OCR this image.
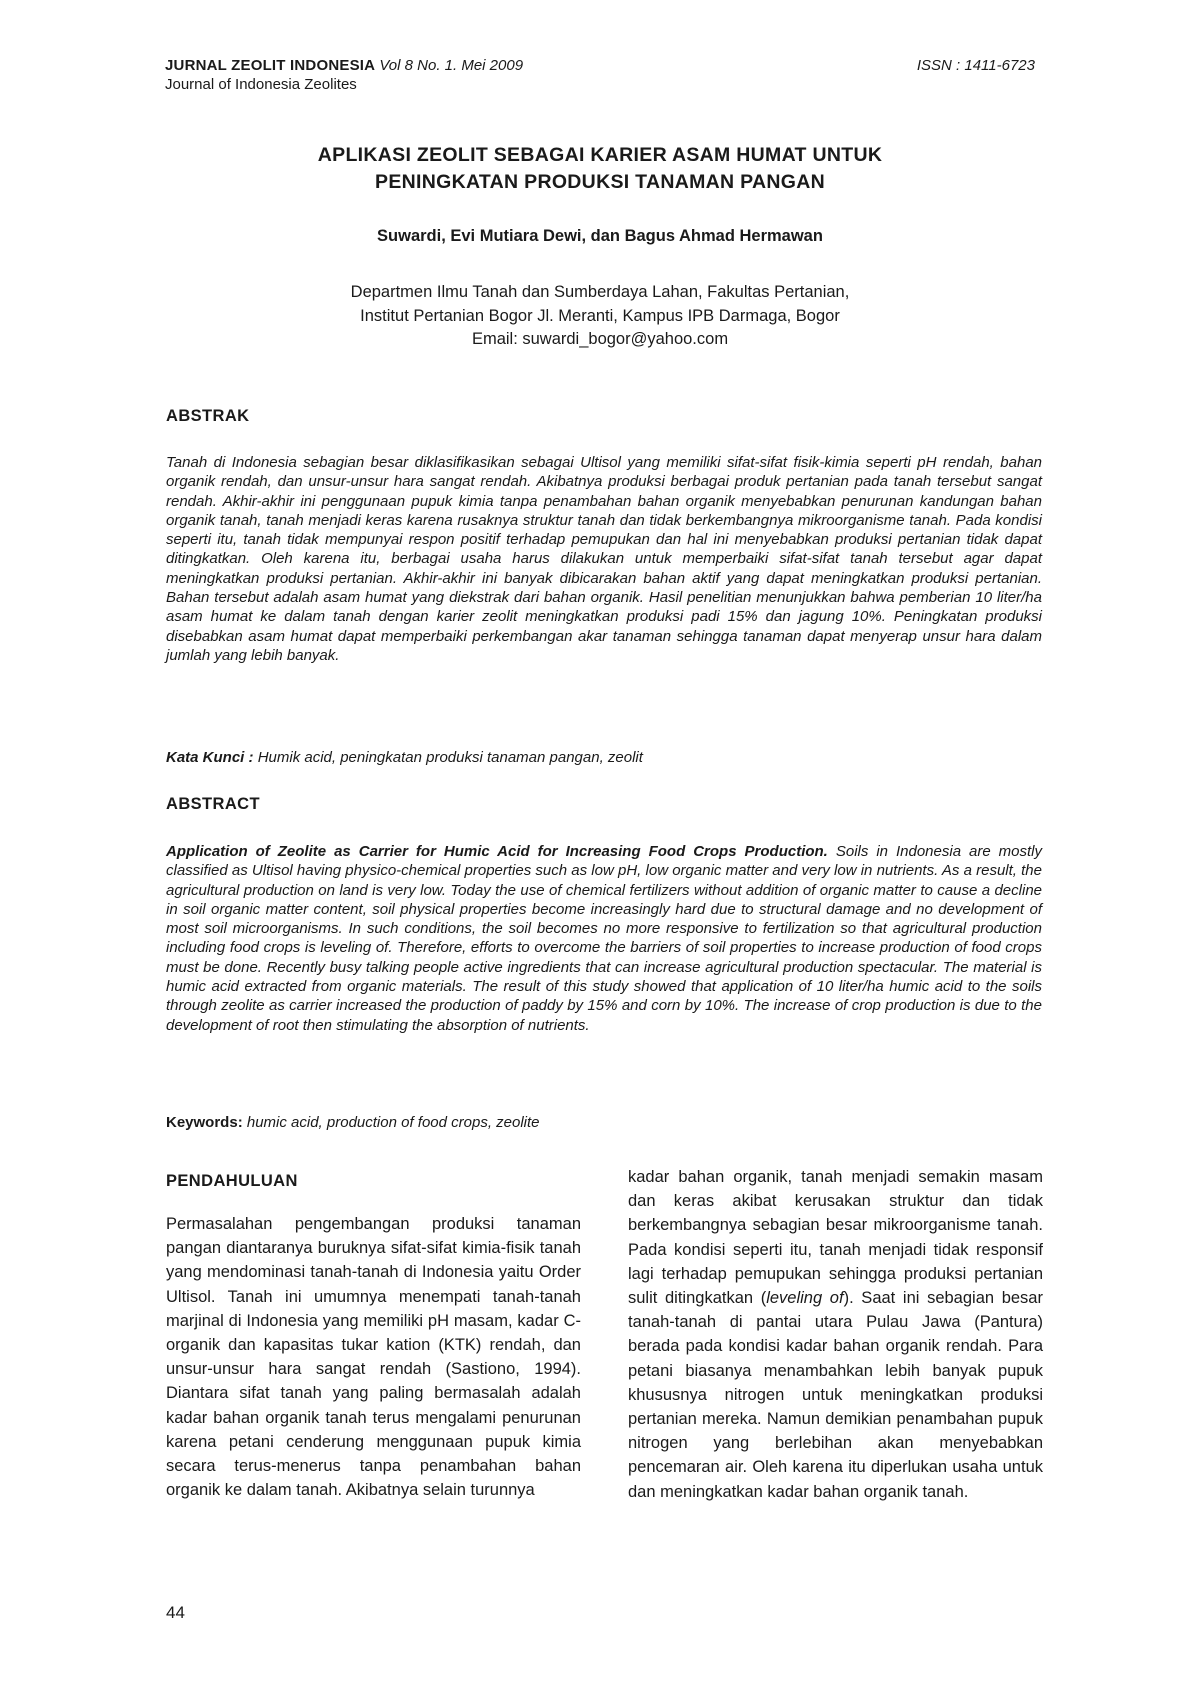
JURNAL ZEOLIT INDONESIA Vol 8 No. 1. Mei 2009	ISSN : 1411-6723
Journal of Indonesia Zeolites
APLIKASI ZEOLIT SEBAGAI KARIER ASAM HUMAT UNTUK
PENINGKATAN PRODUKSI TANAMAN PANGAN
Suwardi, Evi Mutiara Dewi, dan Bagus Ahmad Hermawan
Departmen Ilmu Tanah dan Sumberdaya Lahan, Fakultas Pertanian,
Institut Pertanian Bogor Jl. Meranti, Kampus IPB Darmaga, Bogor
Email: suwardi_bogor@yahoo.com
ABSTRAK

Tanah di Indonesia sebagian besar diklasifikasikan sebagai Ultisol yang memiliki sifat-sifat fisik-kimia seperti pH rendah, bahan organik rendah, dan unsur-unsur hara sangat rendah. Akibatnya produksi berbagai produk pertanian pada tanah tersebut sangat rendah. Akhir-akhir ini penggunaan pupuk kimia tanpa penambahan bahan organik menyebabkan penurunan kandungan bahan organik tanah, tanah menjadi keras karena rusaknya struktur tanah dan tidak berkembangnya mikroorganisme tanah. Pada kondisi seperti itu, tanah tidak mempunyai respon positif terhadap pemupukan dan hal ini menyebabkan produksi pertanian tidak dapat ditingkatkan. Oleh karena itu, berbagai usaha harus dilakukan untuk memperbaiki sifat-sifat tanah tersebut agar dapat meningkatkan produksi pertanian. Akhir-akhir ini banyak dibicarakan bahan aktif yang dapat meningkatkan produksi pertanian. Bahan tersebut adalah asam humat yang diekstrak dari bahan organik. Hasil penelitian menunjukkan bahwa pemberian 10 liter/ha asam humat ke dalam tanah dengan karier zeolit meningkatkan produksi padi 15% dan jagung 10%. Peningkatan produksi disebabkan asam humat dapat memperbaiki perkembangan akar tanaman sehingga tanaman dapat menyerap unsur hara dalam jumlah yang lebih banyak.

Kata Kunci : Humik acid, peningkatan produksi tanaman pangan, zeolit
ABSTRACT

Application of Zeolite as Carrier for Humic Acid for Increasing Food Crops Production. Soils in Indonesia are mostly classified as Ultisol having physico-chemical properties such as low pH, low organic matter and very low in nutrients. As a result, the agricultural production on land is very low. Today the use of chemical fertilizers without addition of organic matter to cause a decline in soil organic matter content, soil physical properties become increasingly hard due to structural damage and no development of most soil microorganisms. In such conditions, the soil becomes no more responsive to fertilization so that agricultural production including food crops is leveling of. Therefore, efforts to overcome the barriers of soil properties to increase production of food crops must be done. Recently busy talking people active ingredients that can increase agricultural production spectacular. The material is humic acid extracted from organic materials. The result of this study showed that application of 10 liter/ha humic acid to the soils through zeolite as carrier increased the production of paddy by 15% and corn by 10%. The increase of crop production is due to the development of root then stimulating the absorption of nutrients.

Keywords: humic acid, production of food crops, zeolite
PENDAHULUAN

Permasalahan pengembangan produksi tanaman pangan diantaranya buruknya sifat-sifat kimia-fisik tanah yang mendominasi tanah-tanah di Indonesia yaitu Order Ultisol. Tanah ini umumnya menempati tanah-tanah marjinal di Indonesia yang memiliki pH masam, kadar C-organik dan kapasitas tukar kation (KTK) rendah, dan unsur-unsur hara sangat rendah (Sastiono, 1994). Diantara sifat tanah yang paling bermasalah adalah kadar bahan organik tanah terus mengalami penurunan karena petani cenderung menggunaan pupuk kimia secara terus-menerus tanpa penambahan bahan organik ke dalam tanah. Akibatnya selain turunnya

kadar bahan organik, tanah menjadi semakin masam dan keras akibat kerusakan struktur dan tidak berkembangnya sebagian besar mikroorganisme tanah. Pada kondisi seperti itu, tanah menjadi tidak responsif lagi terhadap pemupukan sehingga produksi pertanian sulit ditingkatkan (leveling of). Saat ini sebagian besar tanah-tanah di pantai utara Pulau Jawa (Pantura) berada pada kondisi kadar bahan organik rendah. Para petani biasanya menambahkan lebih banyak pupuk khususnya nitrogen untuk meningkatkan produksi pertanian mereka. Namun demikian penambahan pupuk nitrogen yang berlebihan akan menyebabkan pencemaran air. Oleh karena itu diperlukan usaha untuk dan meningkatkan kadar bahan organik tanah.

44
